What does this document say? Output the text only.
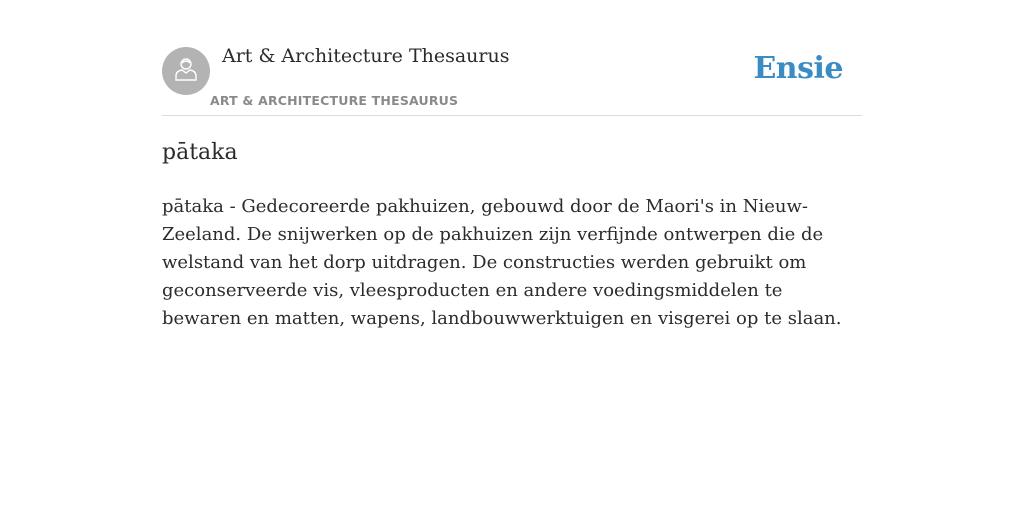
Art & Architecture Thesaurus
ART & ARCHITECTURE THESAURUS
Ensie
pātaka

pātaka - Gedecoreerde pakhuizen, gebouwd door de Maori's in Nieuw-Zeeland. De snijwerken op de pakhuizen zijn verfijnde ontwerpen die de welstand van het dorp uitdragen. De constructies werden gebruikt om geconserveerde vis, vleesproducten en andere voedingsmiddelen te bewaren en matten, wapens, landbouwwerktuigen en visgerei op te slaan.
